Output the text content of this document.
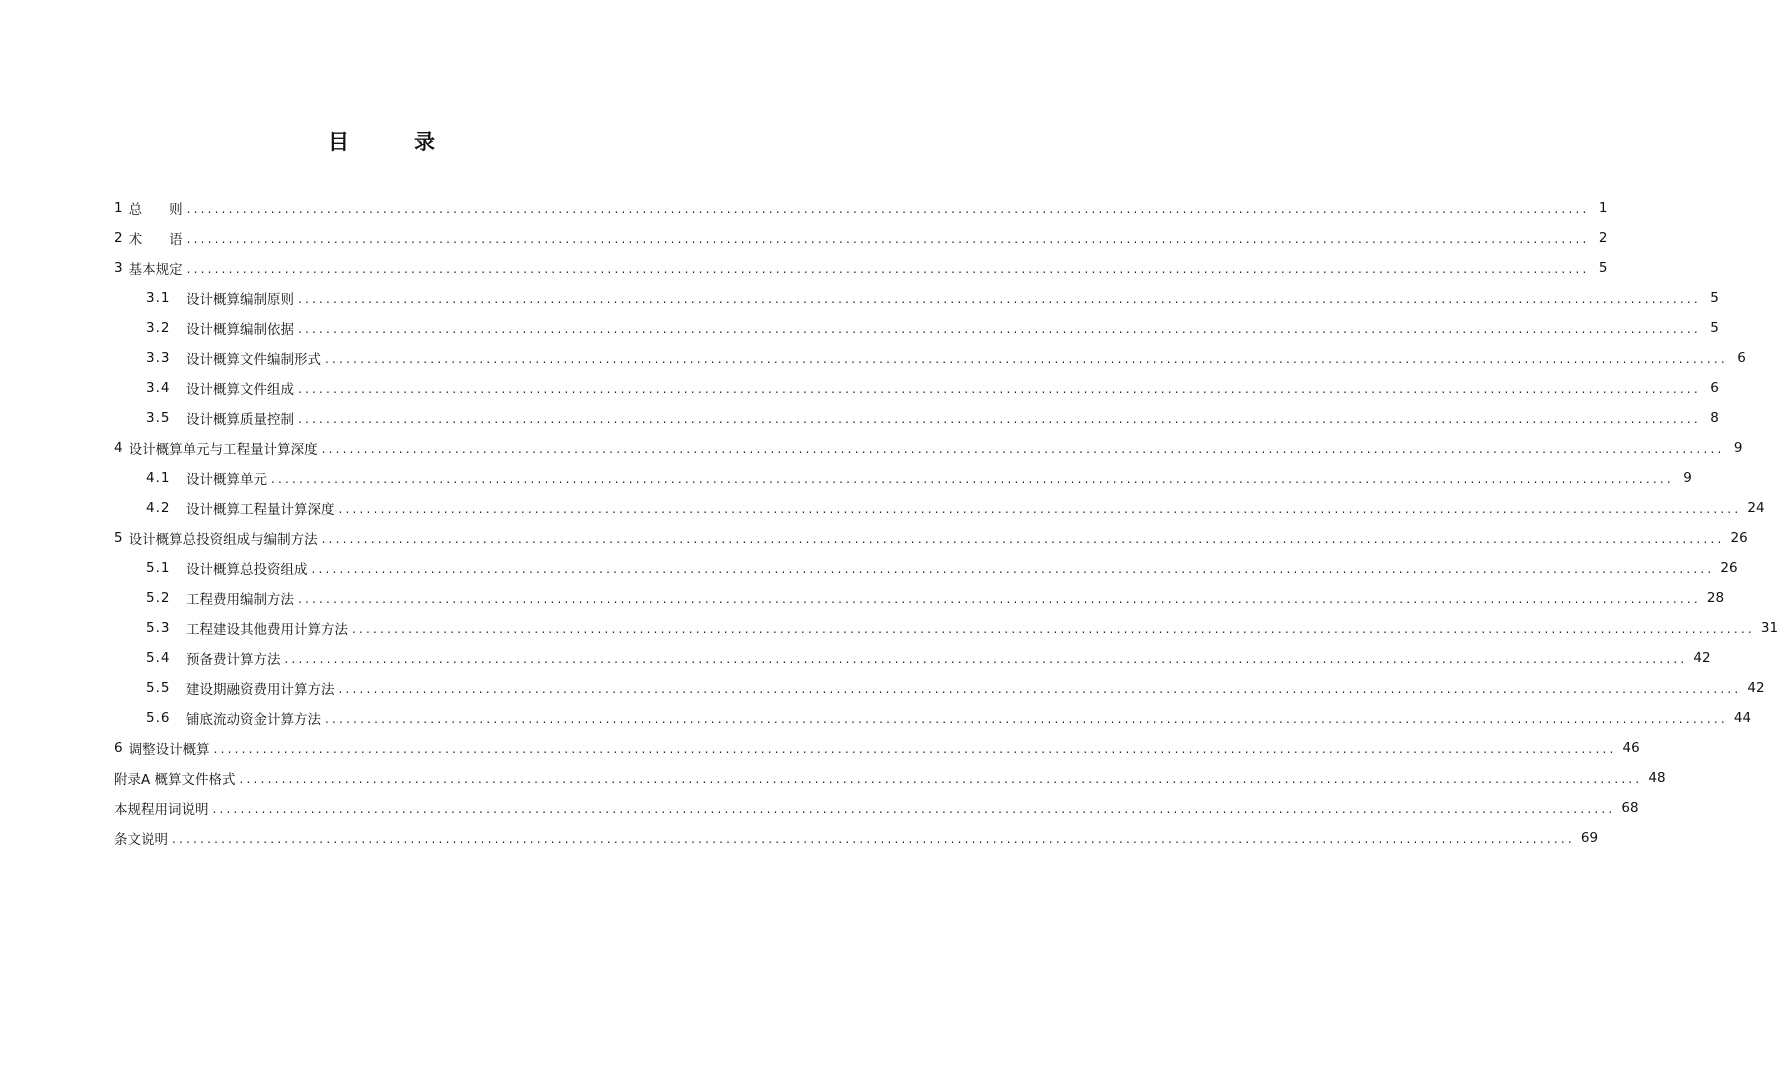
目　录
1 总　　则 ........................................................................................................................................................................................................ 1
2 术　　语 ........................................................................................................................................................................................................ 2
3 基本规定 ........................................................................................................................................................................................................ 5
3.1	设计概算编制原则 ........................................................................................................................................................................................................ 5
3.2	设计概算编制依据 ........................................................................................................................................................................................................ 5
3.3	设计概算文件编制形式 ........................................................................................................................................................................................................ 6
3.4	设计概算文件组成 ........................................................................................................................................................................................................ 6
3.5	设计概算质量控制 ........................................................................................................................................................................................................ 8
4 设计概算单元与工程量计算深度 ........................................................................................................................................................................................................ 9
4.1	设计概算单元 ........................................................................................................................................................................................................ 9
4.2	设计概算工程量计算深度 ........................................................................................................................................................................................................ 24
5 设计概算总投资组成与编制方法 ........................................................................................................................................................................................................ 26
5.1	设计概算总投资组成 ........................................................................................................................................................................................................ 26
5.2	工程费用编制方法 ........................................................................................................................................................................................................ 28
5.3	工程建设其他费用计算方法 ........................................................................................................................................................................................................ 31
5.4	预备费计算方法 ........................................................................................................................................................................................................ 42
5.5	建设期融资费用计算方法 ........................................................................................................................................................................................................ 42
5.6	铺底流动资金计算方法 ........................................................................................................................................................................................................ 44
6 调整设计概算 ........................................................................................................................................................................................................ 46
附录A 概算文件格式 ........................................................................................................................................................................................................ 48
本规程用词说明 ........................................................................................................................................................................................................ 68
条文说明 ........................................................................................................................................................................................................ 69
